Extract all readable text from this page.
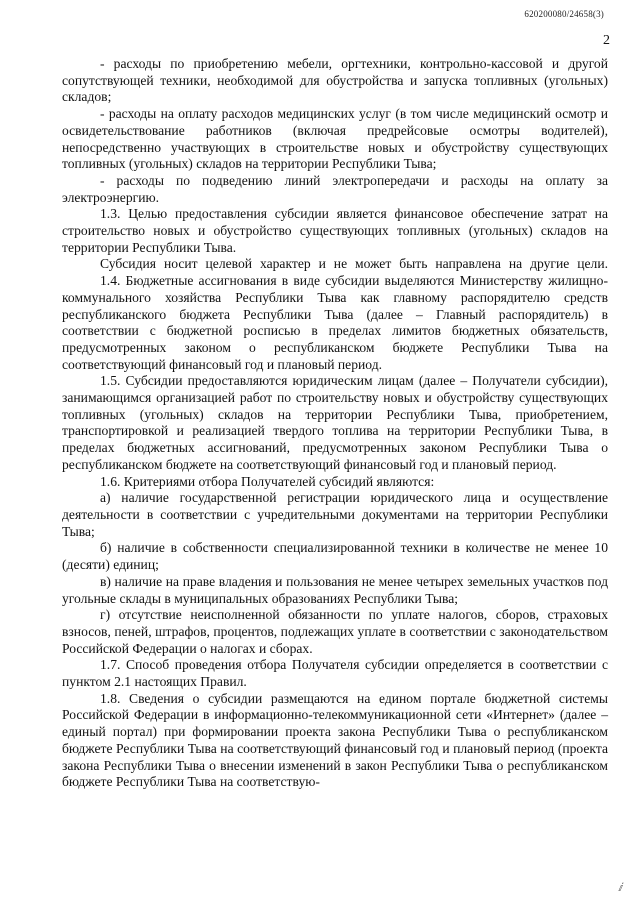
620200080/24658(3)
2

- расходы по приобретению мебели, оргтехники, контрольно-кассовой и другой сопутствующей техники, необходимой для обустройства и запуска топливных (угольных) складов;

- расходы на оплату расходов медицинских услуг (в том числе медицинский осмотр и освидетельствование работников (включая предрейсовые осмотры водителей), непосредственно участвующих в строительстве новых и обустройству существующих топливных (угольных) складов на территории Республики Тыва;

- расходы по подведению линий электропередачи и расходы на оплату за электроэнергию.

1.3. Целью предоставления субсидии является финансовое обеспечение затрат на строительство новых и обустройство существующих топливных (угольных) складов на территории Республики Тыва.

Субсидия носит целевой характер и не может быть направлена на другие цели.

1.4. Бюджетные ассигнования в виде субсидии выделяются Министерству жилищно-коммунального хозяйства Республики Тыва как главному распорядителю средств республиканского бюджета Республики Тыва (далее – Главный распорядитель) в соответствии с бюджетной росписью в пределах лимитов бюджетных обязательств, предусмотренных законом о республиканском бюджете Республики Тыва на соответствующий финансовый год и плановый период.

1.5. Субсидии предоставляются юридическим лицам (далее – Получатели субсидии), занимающимся организацией работ по строительству новых и обустройству существующих топливных (угольных) складов на территории Республики Тыва, приобретением, транспортировкой и реализацией твердого топлива на территории Республики Тыва, в пределах бюджетных ассигнований, предусмотренных законом Республики Тыва о республиканском бюджете на соответствующий финансовый год и плановый период.

1.6. Критериями отбора Получателей субсидий являются:

а) наличие государственной регистрации юридического лица и осуществление деятельности в соответствии с учредительными документами на территории Республики Тыва;

б) наличие в собственности специализированной техники в количестве не менее 10 (десяти) единиц;

в) наличие на праве владения и пользования не менее четырех земельных участков под угольные склады в муниципальных образованиях Республики Тыва;

г) отсутствие неисполненной обязанности по уплате налогов, сборов, страховых взносов, пеней, штрафов, процентов, подлежащих уплате в соответствии с законодательством Российской Федерации о налогах и сборах.

1.7. Способ проведения отбора Получателя субсидии определяется в соответствии с пунктом 2.1 настоящих Правил.

1.8. Сведения о субсидии размещаются на едином портале бюджетной системы Российской Федерации в информационно-телекоммуникационной сети «Интернет» (далее – единый портал) при формировании проекта закона Республики Тыва о республиканском бюджете Республики Тыва на соответствующий финансовый год и плановый период (проекта закона Республики Тыва о внесении изменений в закон Республики Тыва о республиканском бюджете Республики Тыва на соответствую-

ⅈ
